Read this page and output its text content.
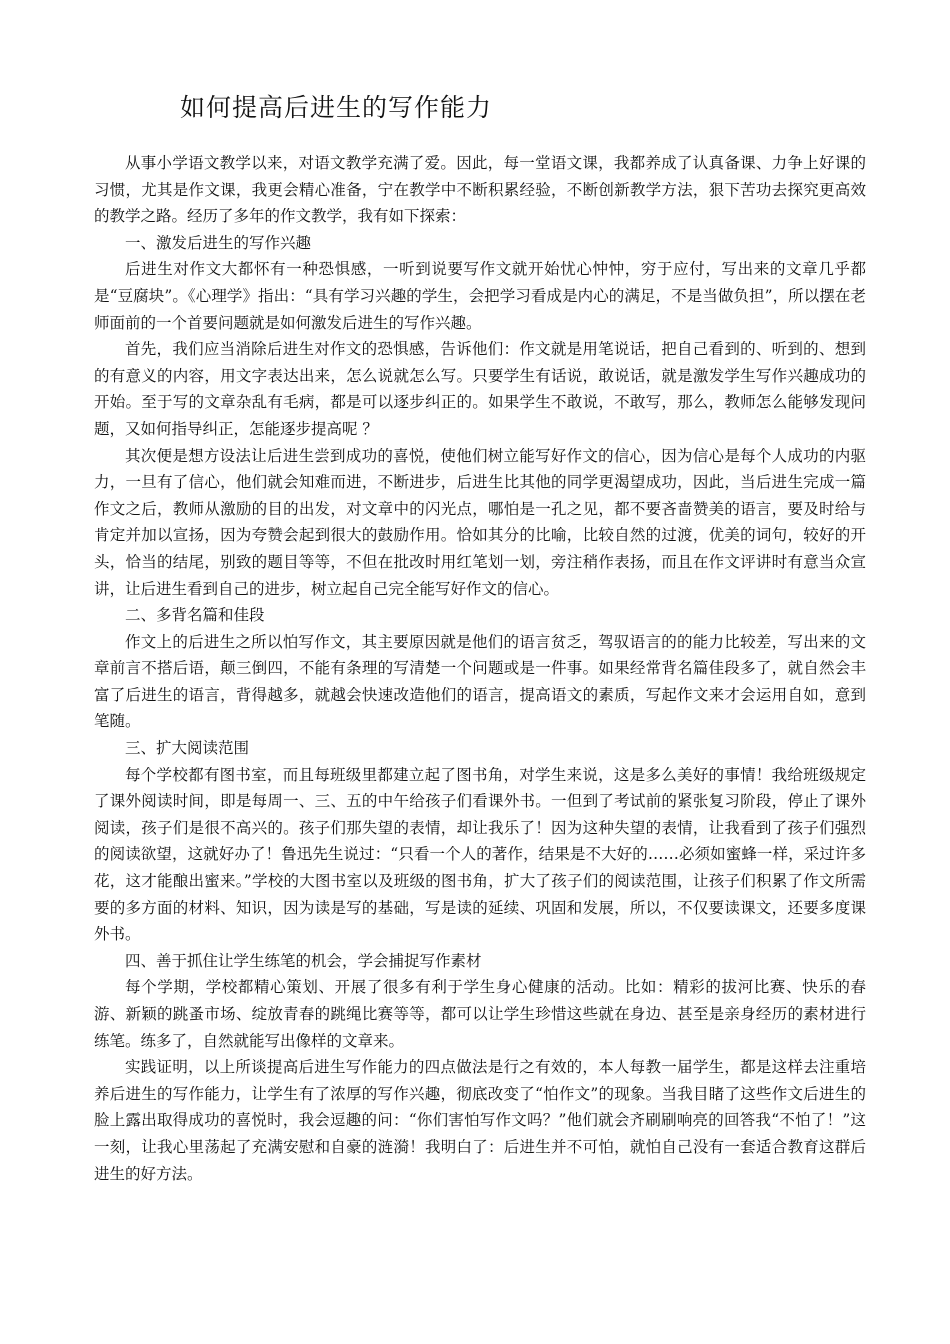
如何提高后进生的写作能力

从事小学语文教学以来，对语文教学充满了爱。因此，每一堂语文课，我都养成了认真备课、力争上好课的习惯，尤其是作文课，我更会精心准备，宁在教学中不断积累经验，不断创新教学方法，狠下苦功去探究更高效的教学之路。经历了多年的作文教学，我有如下探索：

一、激发后进生的写作兴趣

后进生对作文大都怀有一种恐惧感，一听到说要写作文就开始忧心忡忡，穷于应付，写出来的文章几乎都是“豆腐块”。《心理学》指出：“具有学习兴趣的学生，会把学习看成是内心的满足，不是当做负担”，所以摆在老师面前的一个首要问题就是如何激发后进生的写作兴趣。

首先，我们应当消除后进生对作文的恐惧感，告诉他们：作文就是用笔说话，把自己看到的、听到的、想到的有意义的内容，用文字表达出来，怎么说就怎么写。只要学生有话说，敢说话，就是激发学生写作兴趣成功的开始。至于写的文章杂乱有毛病，都是可以逐步纠正的。如果学生不敢说，不敢写，那么，教师怎么能够发现问题，又如何指导纠正，怎能逐步提高呢 ？

其次便是想方设法让后进生尝到成功的喜悦，使他们树立能写好作文的信心，因为信心是每个人成功的内驱力，一旦有了信心，他们就会知难而进，不断进步，后进生比其他的同学更渴望成功，因此，当后进生完成一篇作文之后，教师从激励的目的出发，对文章中的闪光点，哪怕是一孔之见，都不要吝啬赞美的语言，要及时给与肯定并加以宣扬，因为夸赞会起到很大的鼓励作用。恰如其分的比喻，比较自然的过渡，优美的词句，较好的开头，恰当的结尾，别致的题目等等，不但在批改时用红笔划一划，旁注稍作表扬，而且在作文评讲时有意当众宣讲，让后进生看到自己的进步，树立起自己完全能写好作文的信心。

二、多背名篇和佳段

作文上的后进生之所以怕写作文，其主要原因就是他们的语言贫乏，驾驭语言的的能力比较差，写出来的文章前言不搭后语，颠三倒四，不能有条理的写清楚一个问题或是一件事。如果经常背名篇佳段多了，就自然会丰富了后进生的语言，背得越多，就越会快速改造他们的语言，提高语文的素质，写起作文来才会运用自如，意到笔随。

三、扩大阅读范围

每个学校都有图书室，而且每班级里都建立起了图书角，对学生来说，这是多么美好的事情！我给班级规定了课外阅读时间，即是每周一、三、五的中午给孩子们看课外书。一但到了考试前的紧张复习阶段，停止了课外阅读，孩子们是很不高兴的。孩子们那失望的表情，却让我乐了！因为这种失望的表情，让我看到了孩子们强烈的阅读欲望，这就好办了！鲁迅先生说过：“只看一个人的著作，结果是不大好的……必须如蜜蜂一样，采过许多花，这才能酿出蜜来。”学校的大图书室以及班级的图书角，扩大了孩子们的阅读范围，让孩子们积累了作文所需要的多方面的材料、知识，因为读是写的基础，写是读的延续、巩固和发展，所以，不仅要读课文，还要多度课外书。

四、善于抓住让学生练笔的机会，学会捕捉写作素材

每个学期，学校都精心策划、开展了很多有利于学生身心健康的活动。比如：精彩的拔河比赛、快乐的春游、新颖的跳蚤市场、绽放青春的跳绳比赛等等，都可以让学生珍惜这些就在身边、甚至是亲身经历的素材进行练笔。练多了，自然就能写出像样的文章来。

实践证明，以上所谈提高后进生写作能力的四点做法是行之有效的，本人每教一届学生，都是这样去注重培养后进生的写作能力，让学生有了浓厚的写作兴趣，彻底改变了“怕作文”的现象。当我目睹了这些作文后进生的脸上露出取得成功的喜悦时，我会逗趣的问：“你们害怕写作文吗？”他们就会齐刷刷响亮的回答我“不怕了！”这一刻，让我心里荡起了充满安慰和自豪的涟漪！我明白了：后进生并不可怕，就怕自己没有一套适合教育这群后进生的好方法。
